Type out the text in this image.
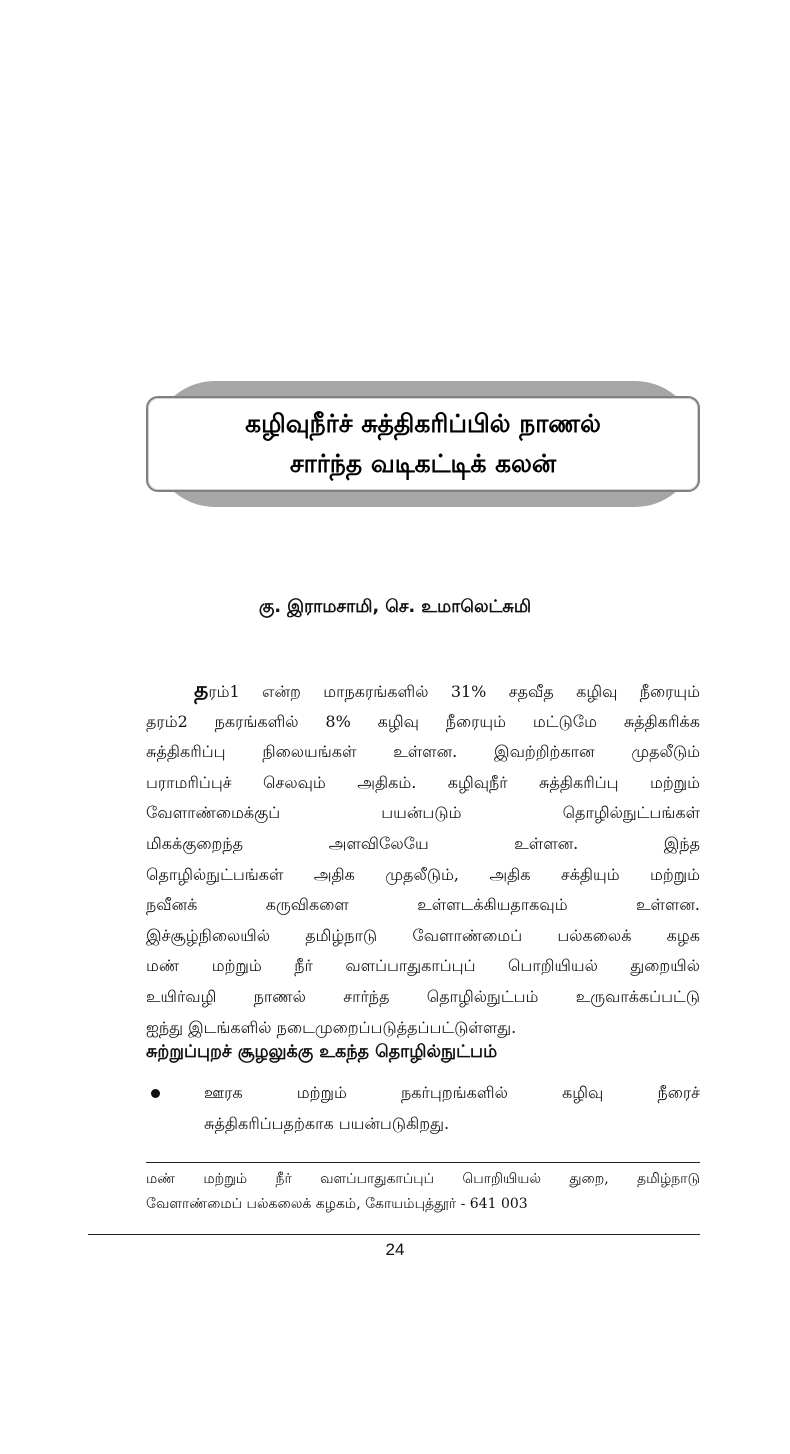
கழிவுநீர்ச் சுத்திகரிப்பில் நாணல்
சார்ந்த வடிகட்டிக் கலன்
கு. இராமசாமி, செ. உமாலெட்சுமி
தரம்1 என்ற மாநகரங்களில் 31% சதவீத கழிவு நீரையும்
தரம்2 நகரங்களில் 8% கழிவு நீரையும் மட்டுமே சுத்திகரிக்க
சுத்திகரிப்பு நிலையங்கள் உள்ளன. இவற்றிற்கான முதலீடும்
பராமரிப்புச் செலவும் அதிகம். கழிவுநீர் சுத்திகரிப்பு மற்றும்
வேளாண்மைக்குப் பயன்படும் தொழில்நுட்பங்கள்
மிகக்குறைந்த அளவிலேயே உள்ளன. இந்த
தொழில்நுட்பங்கள் அதிக முதலீடும், அதிக சக்தியும் மற்றும்
நவீனக் கருவிகளை உள்ளடக்கியதாகவும் உள்ளன.
இச்சூழ்நிலையில் தமிழ்நாடு வேளாண்மைப் பல்கலைக் கழக
மண் மற்றும் நீர் வளப்பாதுகாப்புப் பொறியியல் துறையில்
உயிர்வழி நாணல் சார்ந்த தொழில்நுட்பம் உருவாக்கப்பட்டு
ஐந்து இடங்களில் நடைமுறைப்படுத்தப்பட்டுள்ளது.
சுற்றுப்புறச் சூழலுக்கு உகந்த தொழில்நுட்பம்
ஊரக மற்றும் நகர்புறங்களில் கழிவு நீரைச்
சுத்திகரிப்பதற்காக பயன்படுகிறது.
மண் மற்றும் நீர் வளப்பாதுகாப்புப் பொறியியல் துறை, தமிழ்நாடு
வேளாண்மைப் பல்கலைக் கழகம், கோயம்புத்தூர் - 641 003
24
